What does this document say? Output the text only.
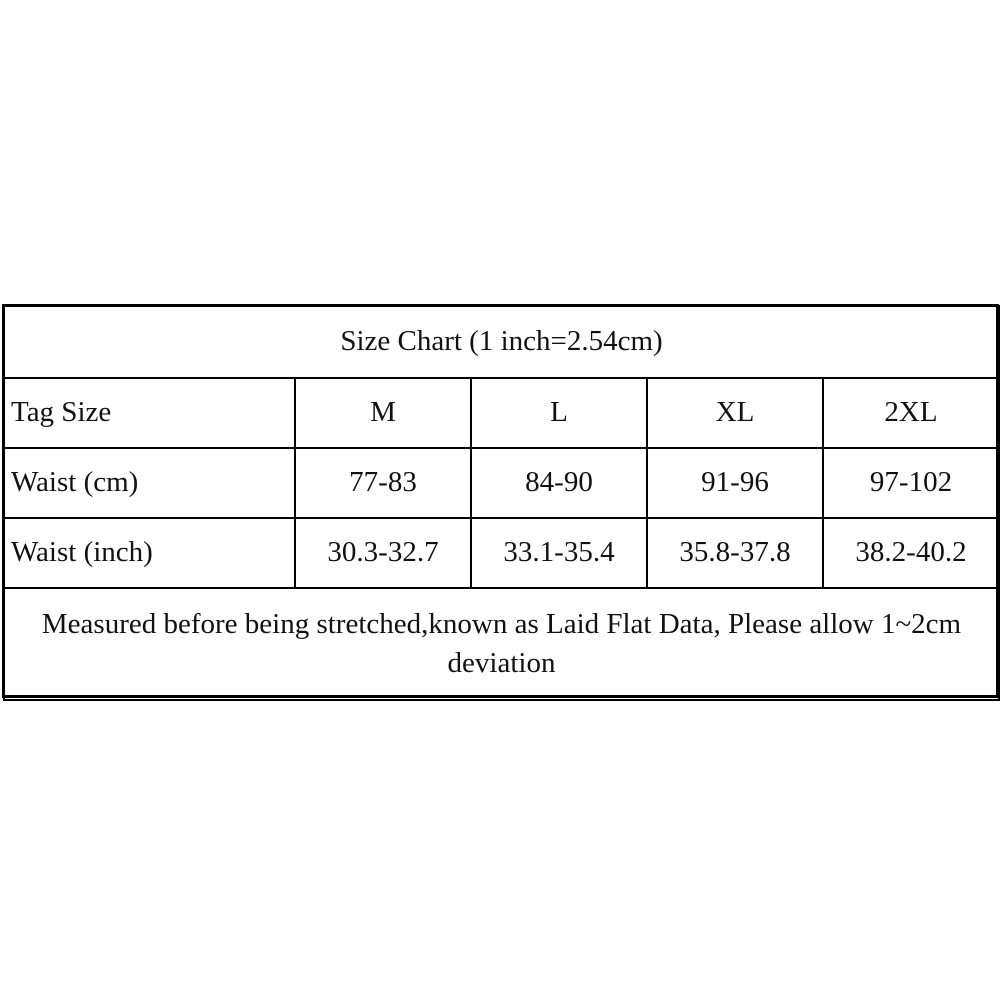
Size Chart (1 inch=2.54cm)				
Tag Size	M	L	XL	2XL
Waist (cm)	77-83	84-90	91-96	97-102
Waist (inch)	30.3-32.7	33.1-35.4	35.8-37.8	38.2-40.2
Measured before being stretched,known as Laid Flat Data, Please allow 1~2cm deviation				
